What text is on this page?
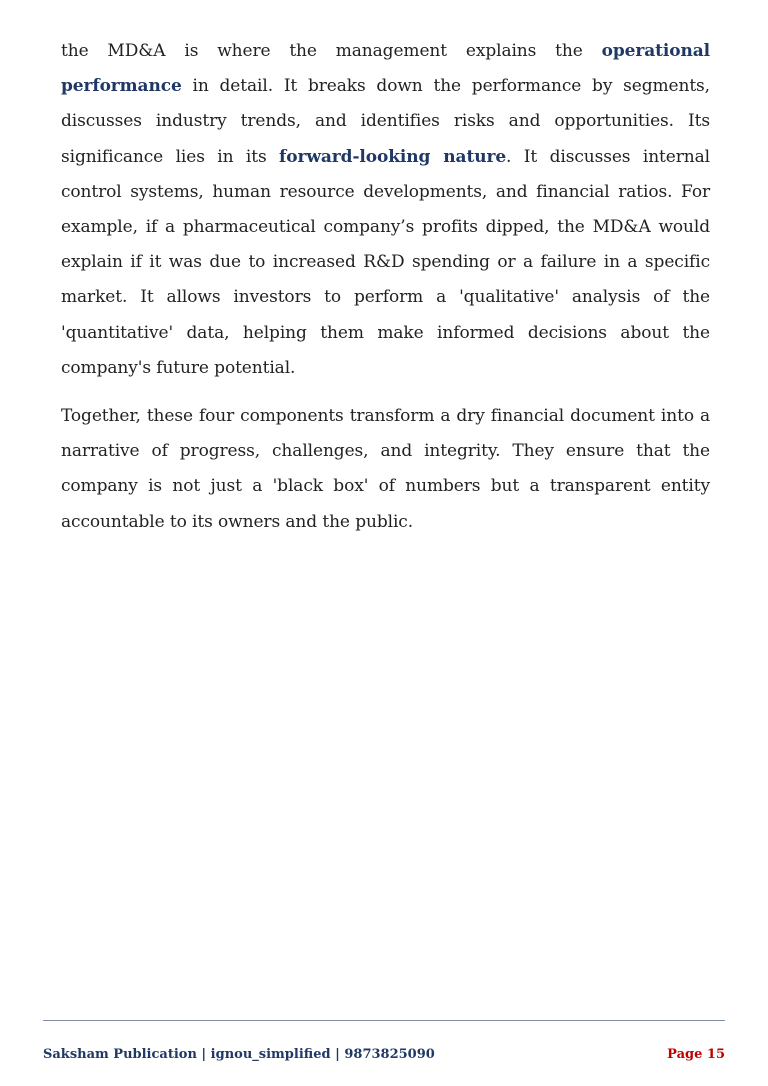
the MD&A is where the management explains the operational performance in detail. It breaks down the performance by segments, discusses industry trends, and identifies risks and opportunities. Its significance lies in its forward-looking nature. It discusses internal control systems, human resource developments, and financial ratios. For example, if a pharmaceutical company’s profits dipped, the MD&A would explain if it was due to increased R&D spending or a failure in a specific market. It allows investors to perform a 'qualitative' analysis of the 'quantitative' data, helping them make informed decisions about the company's future potential.

Together, these four components transform a dry financial document into a narrative of progress, challenges, and integrity. They ensure that the company is not just a 'black box' of numbers but a transparent entity accountable to its owners and the public.

Saksham Publication | ignou_simplified | 9873825090	Page 15
